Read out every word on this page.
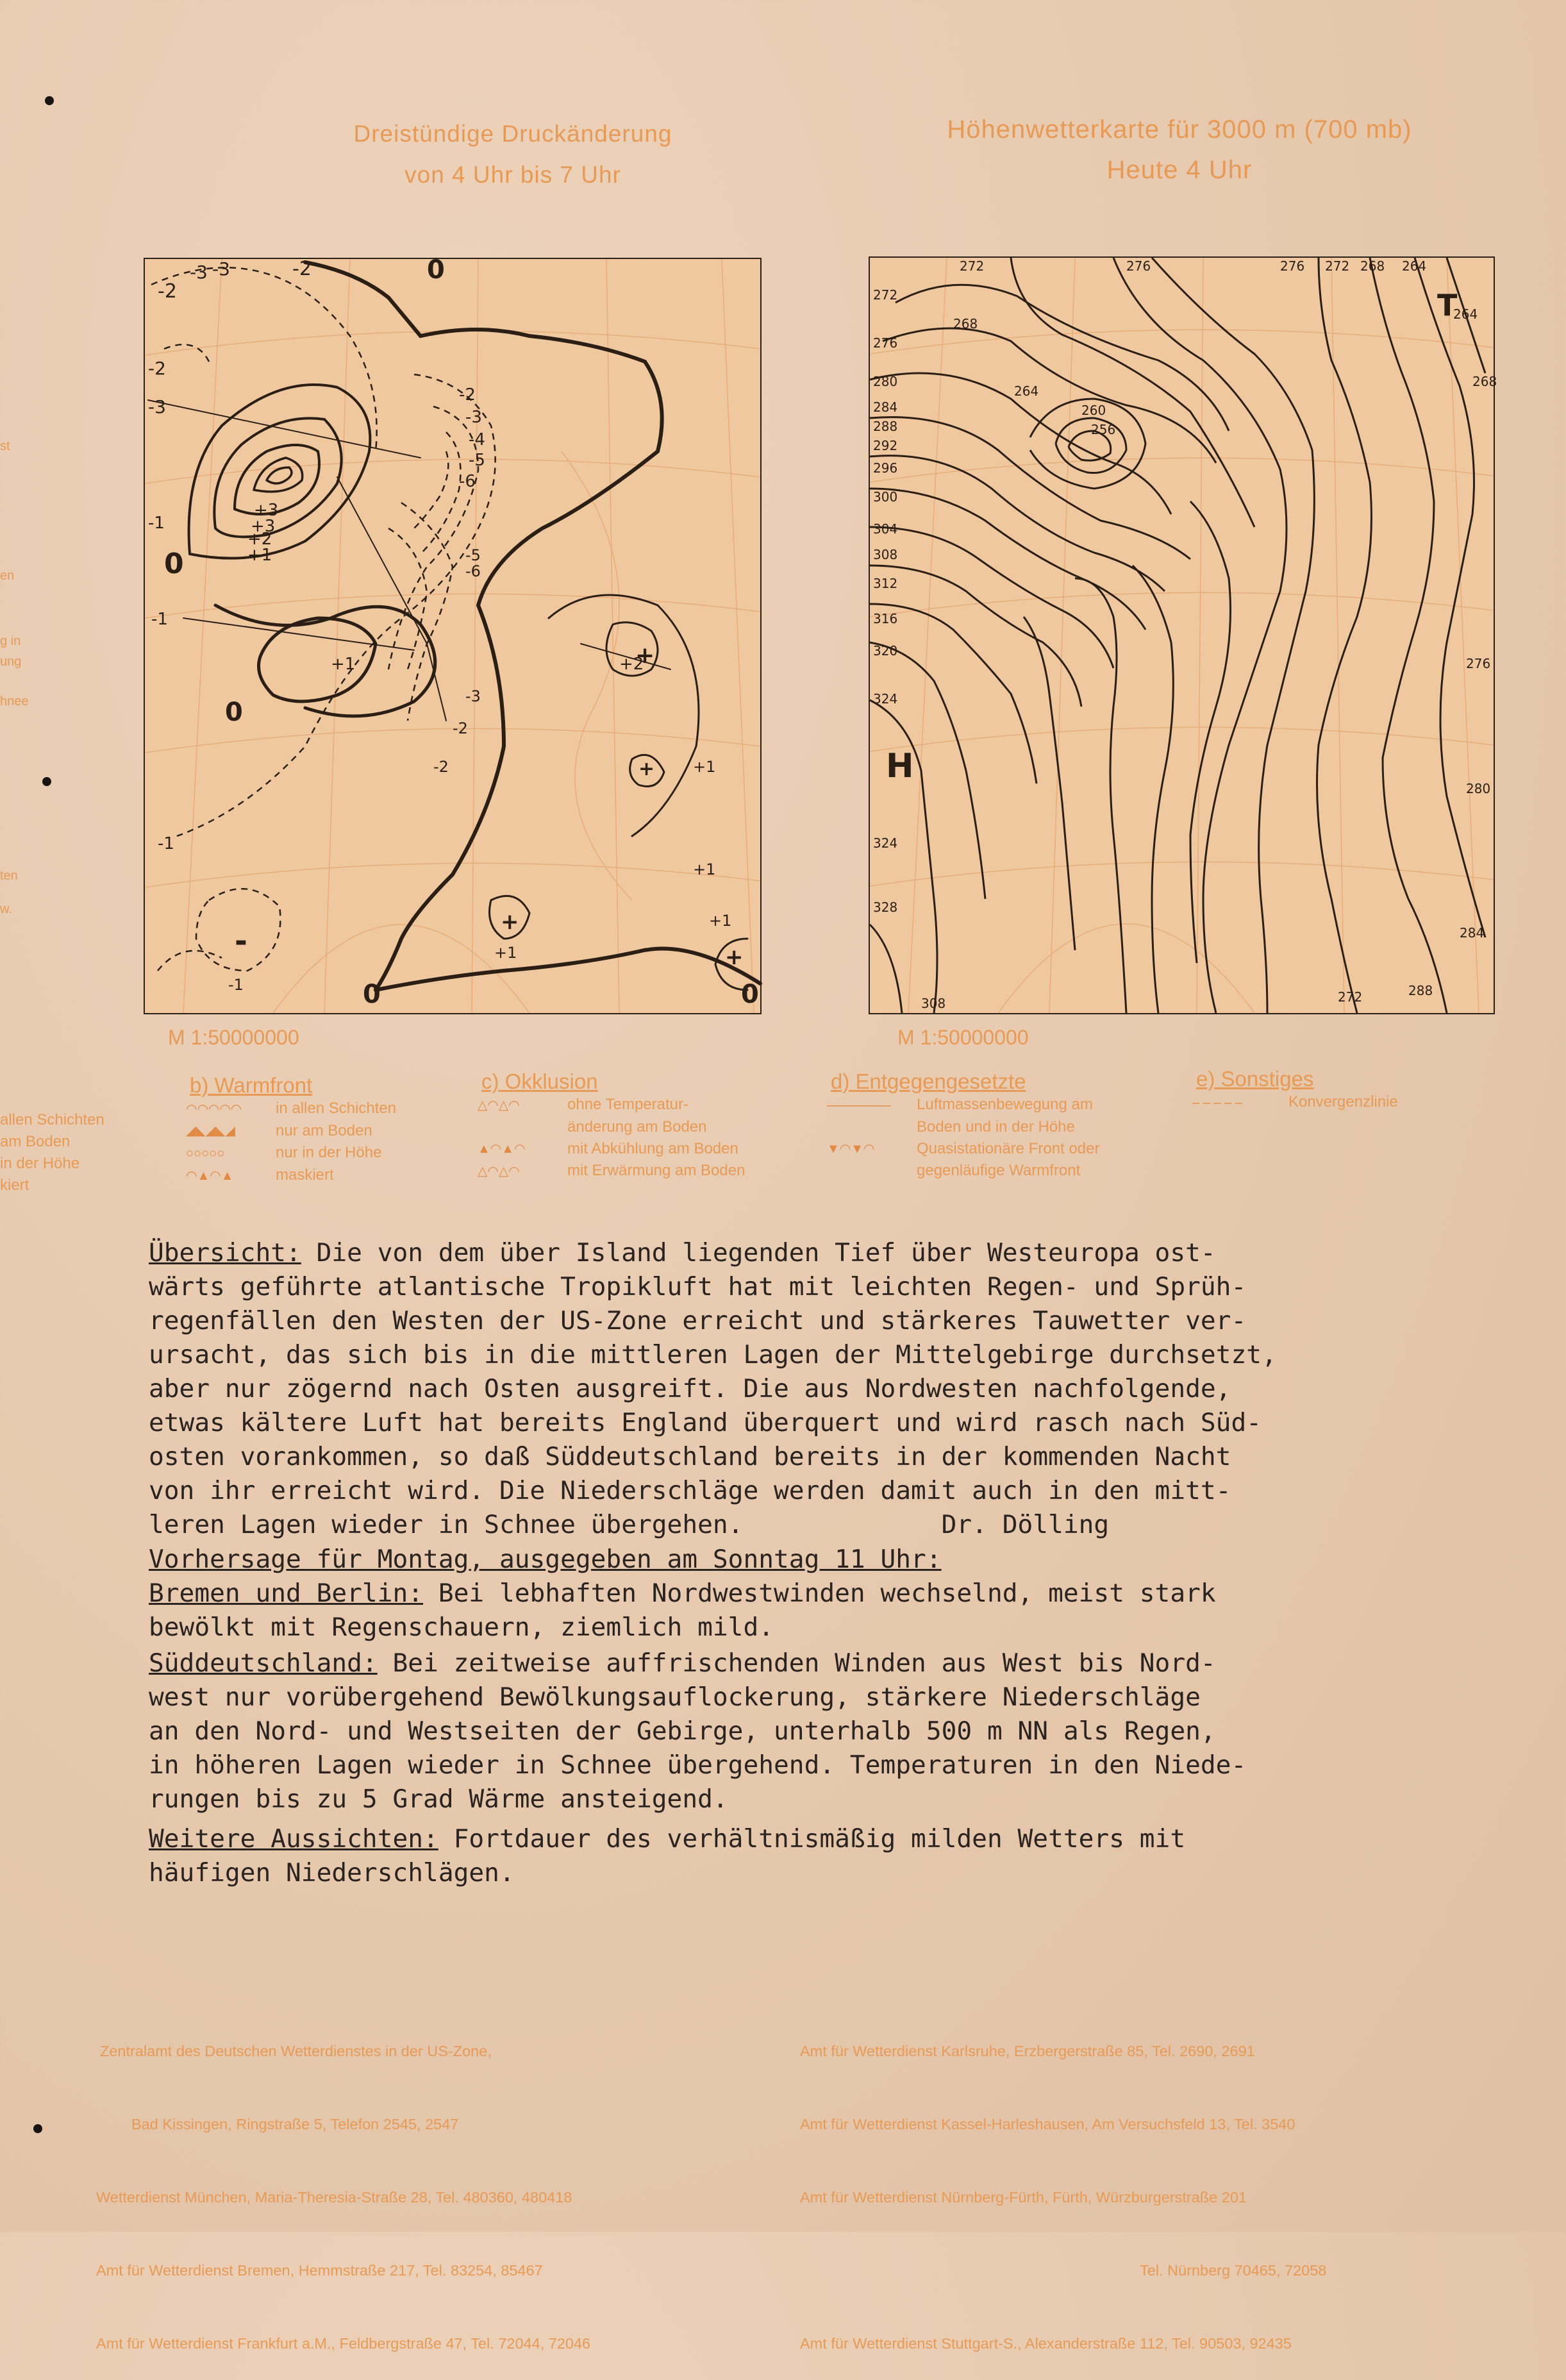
st
en
g in
ung
hnee
ten
w.
Dreistündige Druckänderung
von 4 Uhr bis 7 Uhr
Höhenwetterkarte für 3000 m (700 mb)
Heute 4 Uhr
0
0
0
0	0
-2
-2
-2
-3 -3
-3
-2
-3
-4
-5
-6
-6
-5
-3
-2
-2
-1
-1
-1
+1
+2
+3
+3
+1	+2
+1
+1
+1
+1
-1
+
+
+
+
-
M 1:50000000
272	276	276 272 268 264
272
276
268
280
284
288
292
296
300
304
308
312
316
320
324
324
328
264
260
256
264
268
276
280
284
288
272
308
H
T
M 1:50000000
allen Schichten
am Boden
in der Höhe
kiert
b) Warmfront
◠◠◠◠◠ in allen Schichten
◢◣◢◣◢	nur am Boden
○○○○○	nur in der Höhe
◠▲◠▲	maskiert
c) Okklusion
△◠△◠	ohne Temperatur-
änderung am Boden
▲◠▲◠	mit Abkühlung am Boden
△◠△◠	mit Erwärmung am Boden
d) Entgegengesetzte
――――― Luftmassenbewegung am
Boden und in der Höhe
▼◠▼◠	Quasistationäre Front oder
gegenläufige Warmfront
e) Sonstiges
– – – – –	Konvergenzlinie
Übersicht: Die von dem über Island liegenden Tief über Westeuropa ost-
wärts geführte atlantische Tropikluft hat mit leichten Regen- und Sprüh-
regenfällen den Westen der US-Zone erreicht und stärkeres Tauwetter ver-
ursacht, das sich bis in die mittleren Lagen der Mittelgebirge durchsetzt,
aber nur zögernd nach Osten ausgreift. Die aus Nordwesten nachfolgende,
etwas kältere Luft hat bereits England überquert und wird rasch nach Süd-
osten vorankommen, so daß Süddeutschland bereits in der kommenden Nacht
von ihr erreicht wird. Die Niederschläge werden damit auch in den mitt-
leren Lagen wieder in Schnee übergehen.             Dr. Dölling
Vorhersage für Montag, ausgegeben am Sonntag 11 Uhr:
Bremen und Berlin: Bei lebhaften Nordwestwinden wechselnd, meist stark
bewölkt mit Regenschauern, ziemlich mild.
Süddeutschland: Bei zeitweise auffrischenden Winden aus West bis Nord-
west nur vorübergehend Bewölkungsauflockerung, stärkere Niederschläge
an den Nord- und Westseiten der Gebirge, unterhalb 500 m NN als Regen,
in höheren Lagen wieder in Schnee übergehend. Temperaturen in den Niede-
rungen bis zu 5 Grad Wärme ansteigend.
Weitere Aussichten: Fortdauer des verhältnismäßig milden Wetters mit
häufigen Niederschlägen.

Zentralamt des Deutschen Wetterdienstes in der US-Zone,

Bad Kissingen, Ringstraße 5, Telefon 2545, 2547

Wetterdienst München, Maria-Theresia-Straße 28, Tel. 480360, 480418

Amt für Wetterdienst Bremen, Hemmstraße 217, Tel. 83254, 85467

Amt für Wetterdienst Frankfurt a.M., Feldbergstraße 47, Tel. 72044, 72046

Amt für Wetterdienst Karlsruhe, Erzbergerstraße 85, Tel. 2690, 2691

Amt für Wetterdienst Kassel-Harleshausen, Am Versuchsfeld 13, Tel. 3540

Amt für Wetterdienst Nürnberg-Fürth, Fürth, Würzburgerstraße 201

Tel. Nürnberg 70465, 72058

Amt für Wetterdienst Stuttgart-S., Alexanderstraße 112, Tel. 90503, 92435
